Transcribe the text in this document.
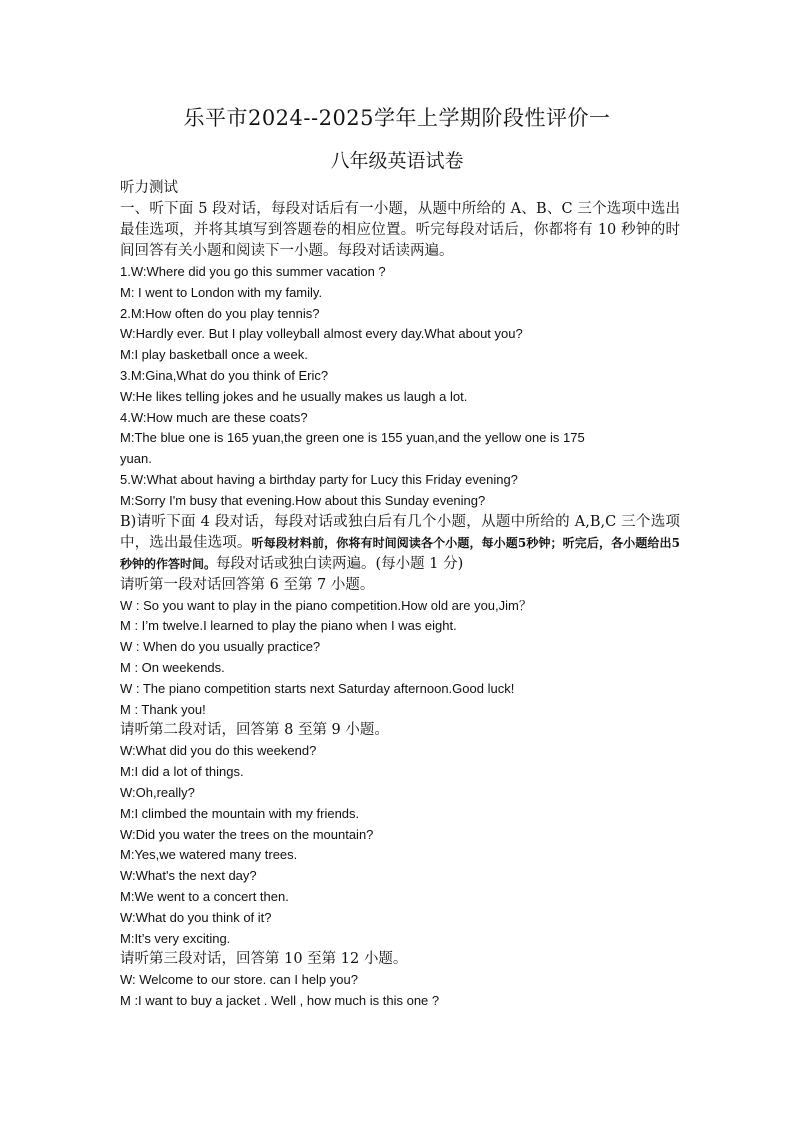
乐平市2024--2025学年上学期阶段性评价一
八年级英语试卷

听力测试

一、听下面 5 段对话，每段对话后有一小题，从题中所给的 A、B、C 三个选项中选出最佳选项，并将其填写到答题卷的相应位置。听完每段对话后，你都将有 10 秒钟的时间回答有关小题和阅读下一小题。每段对话读两遍。

1.W:Where did you go this summer vacation ?

M: I went to London with my family.

2.M:How often do you play tennis?

W:Hardly ever. But I play volleyball almost every day.What about you?

M:I play basketball once a week.

3.M:Gina,What do you think of Eric?

W:He likes telling jokes and he usually makes us laugh a lot.

4.W:How much are these coats?

M:The blue one is 165 yuan,the green one is 155 yuan,and the yellow one is 175 yuan.

5.W:What about having a birthday party for Lucy this Friday evening?

M:Sorry I'm busy that evening.How about this Sunday evening?

B)请听下面 4 段对话，每段对话或独白后有几个小题，从题中所给的 A,B,C 三个选项中，选出最佳选项。听每段材料前，你将有时间阅读各个小题，每小题5秒钟；听完后，各小题给出5秒钟的作答时间。每段对话或独白读两遍。(每小题 1 分)

请听第一段对话回答第 6 至第 7 小题。

W : So you want to play in the piano competition.How old are you,Jim？

M : I’m twelve.I learned to play the piano when I was eight.

W : When do you usually practice?

M : On weekends.

W : The piano competition starts next Saturday afternoon.Good luck!

M : Thank you!

请听第二段对话，回答第 8 至第 9 小题。

W:What did you do this weekend?

M:I did a lot of things.

W:Oh,really?

M:I climbed the mountain with my friends.

W:Did you water the trees on the mountain?

M:Yes,we watered many trees.

W:What's the next day?

M:We went to a concert then.

W:What do you think of it?

M:It’s very exciting.

请听第三段对话，回答第 10 至第 12 小题。

W: Welcome to our store. can I help you?

M :I want to buy a jacket . Well , how much is this one ?
